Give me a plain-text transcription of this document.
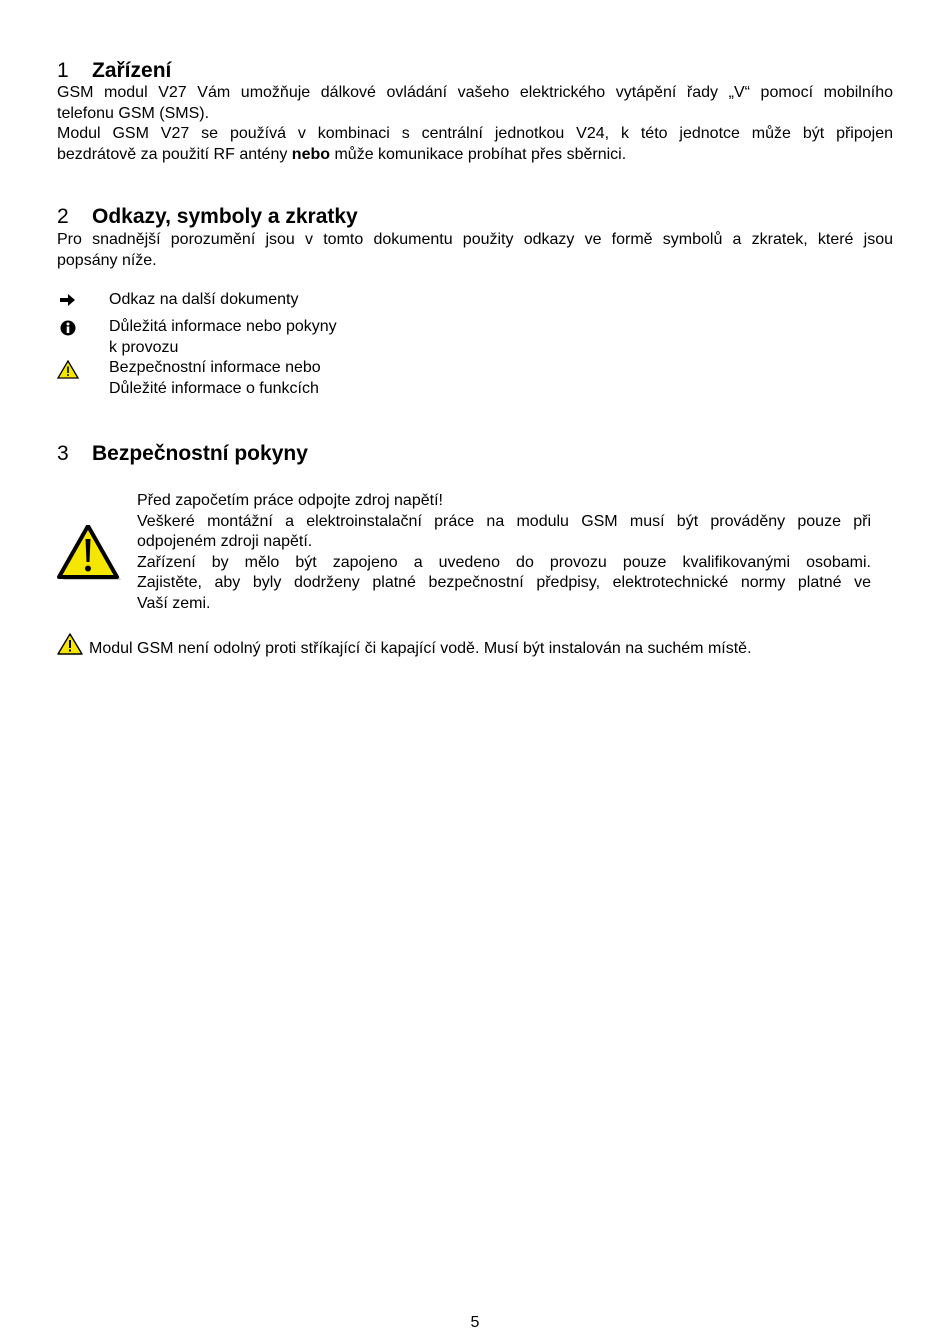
1 Zařízení
GSM modul V27 Vám umožňuje dálkové ovládání vašeho elektrického vytápění řady „V“ pomocí mobilního
telefonu GSM (SMS).
Modul GSM V27 se používá v kombinaci s centrální jednotkou V24, k této jednotce může být připojen
bezdrátově za použití RF antény nebo může komunikace probíhat přes sběrnici.
2 Odkazy, symboly a zkratky
Pro snadnější porozumění jsou v tomto dokumentu použity odkazy ve formě symbolů a zkratek, které jsou
popsány níže.
Odkaz na další dokumenty
Důležitá informace nebo pokyny
k provozu
Bezpečnostní informace nebo
Důležité informace o funkcích
3 Bezpečnostní pokyny
Před započetím práce odpojte zdroj napětí!
Veškeré montážní a elektroinstalační práce na modulu GSM musí být prováděny pouze při
odpojeném zdroji napětí.
Zařízení by mělo být zapojeno a uvedeno do provozu pouze kvalifikovanými osobami.
Zajistěte, aby byly dodrženy platné bezpečnostní předpisy, elektrotechnické normy platné ve
Vaší zemi.
Modul GSM není odolný proti stříkající či kapající vodě. Musí být instalován na suchém místě.
5
